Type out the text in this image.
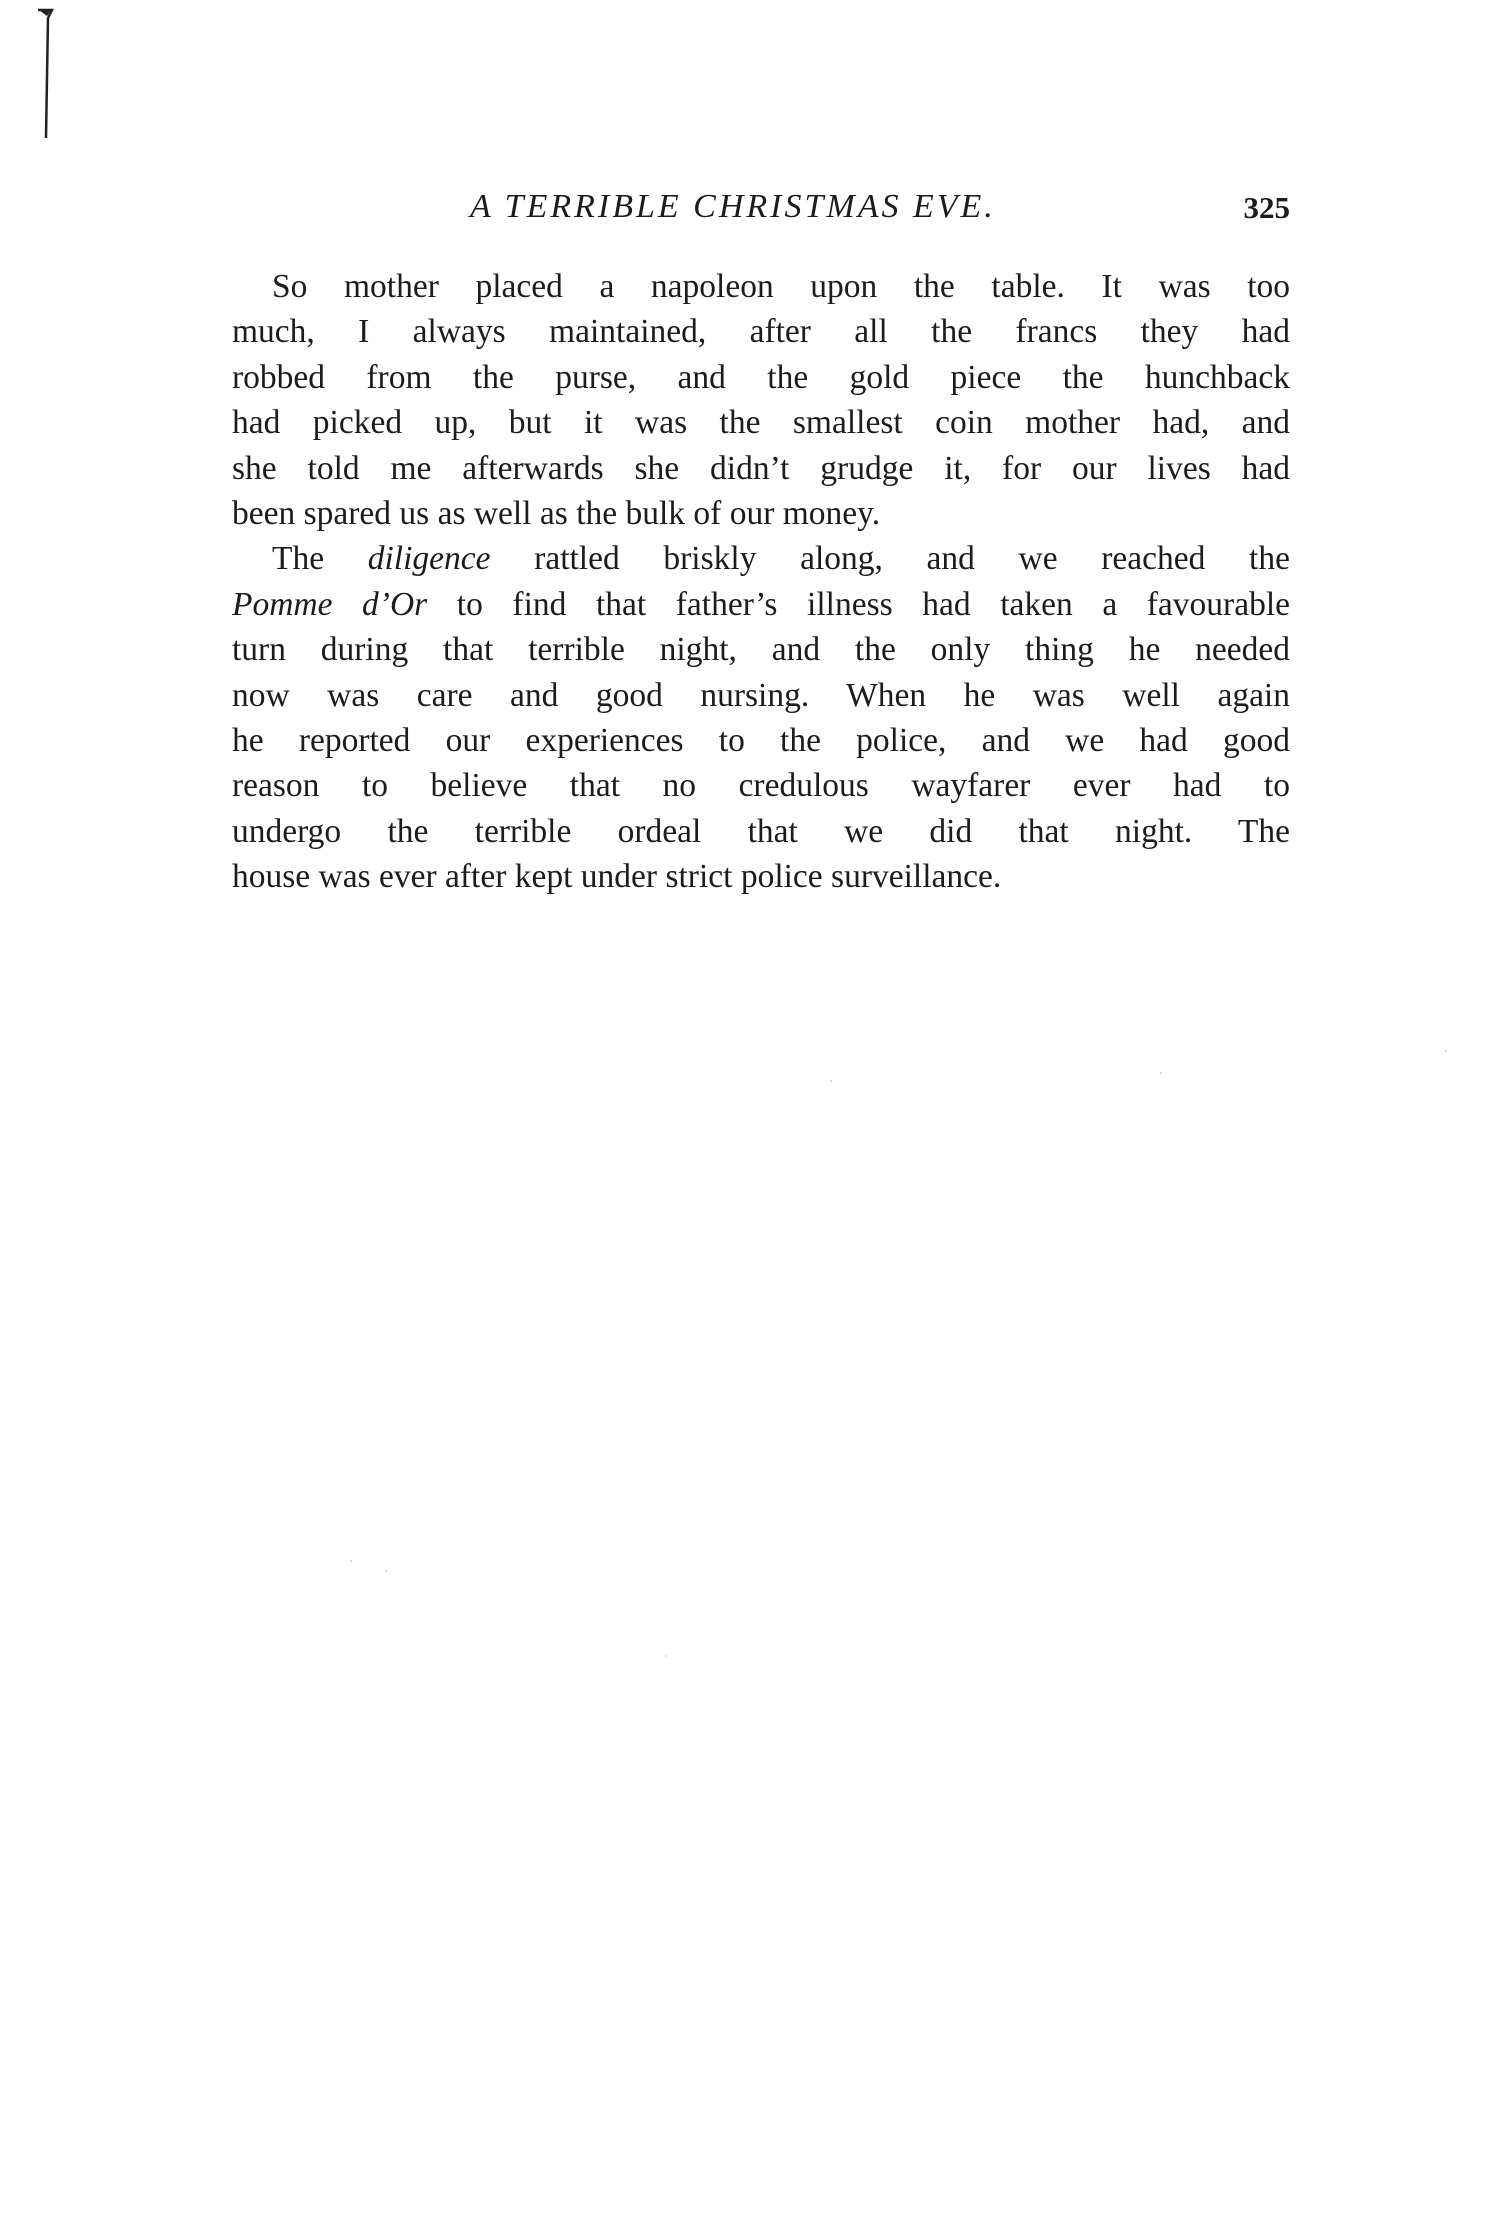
A TERRIBLE CHRISTMAS EVE.	325
So mother placed a napoleon upon the table. It was too
much, I always maintained, after all the francs they had
robbed from the purse, and the gold piece the hunchback
had picked up, but it was the smallest coin mother had, and
she told me afterwards she didn’t grudge it, for our lives had
been spared us as well as the bulk of our money.
The diligence rattled briskly along, and we reached the
Pomme d’Or to find that father’s illness had taken a favourable
turn during that terrible night, and the only thing he needed
now was care and good nursing. When he was well again
he reported our experiences to the police, and we had good
reason to believe that no credulous wayfarer ever had to
undergo the terrible ordeal that we did that night. The
house was ever after kept under strict police surveillance.
